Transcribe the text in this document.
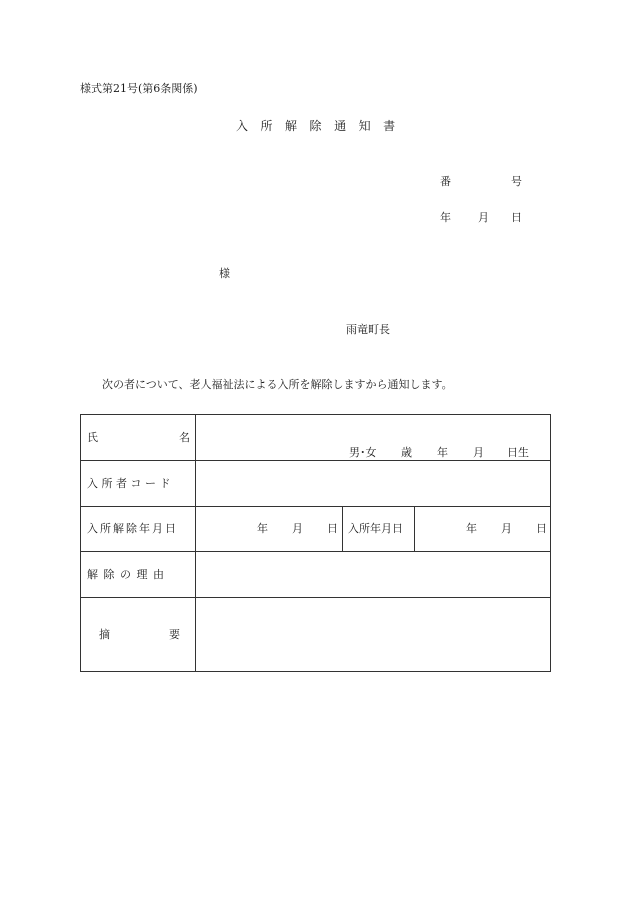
様式第21号(第6条関係)
入 所 解 除 通 知 書
番	号
年 月 日
様
雨竜町長
次の者について、老人福祉法による入所を解除しますから通知します。
氏	名
男･女 歳 年 月 日生
入 所 者 コ ー ド
入所解除年月日	年 月 日 入所年月日	年 月 日
解 除 の 理 由
摘	要
